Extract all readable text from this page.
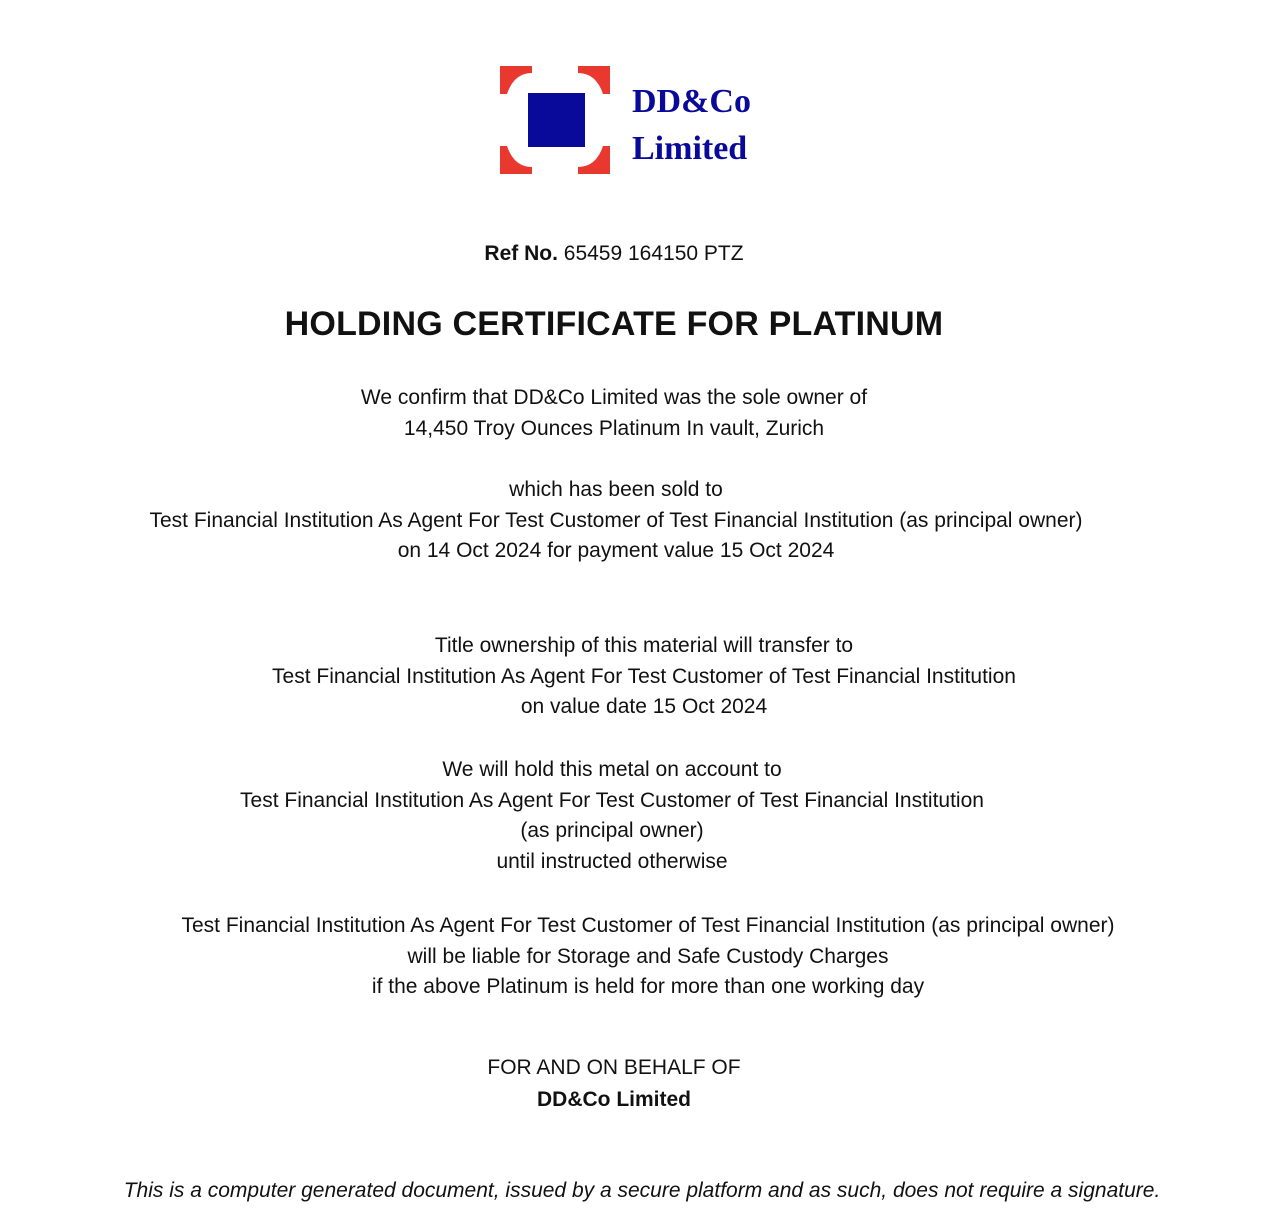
DD&Co
Limited
Ref No. 65459 164150 PTZ
HOLDING CERTIFICATE FOR PLATINUM
We confirm that DD&Co Limited was the sole owner of
14,450 Troy Ounces Platinum In vault, Zurich
which has been sold to
Test Financial Institution As Agent For Test Customer of Test Financial Institution (as principal owner)
on 14 Oct 2024 for payment value 15 Oct 2024
Title ownership of this material will transfer to
Test Financial Institution As Agent For Test Customer of Test Financial Institution
on value date 15 Oct 2024
We will hold this metal on account to
Test Financial Institution As Agent For Test Customer of Test Financial Institution (as principal owner)
until instructed otherwise
Test Financial Institution As Agent For Test Customer of Test Financial Institution (as principal owner)
will be liable for Storage and Safe Custody Charges
if the above Platinum is held for more than one working day
FOR AND ON BEHALF OF
DD&Co Limited
This is a computer generated document, issued by a secure platform and as such, does not require a signature.
